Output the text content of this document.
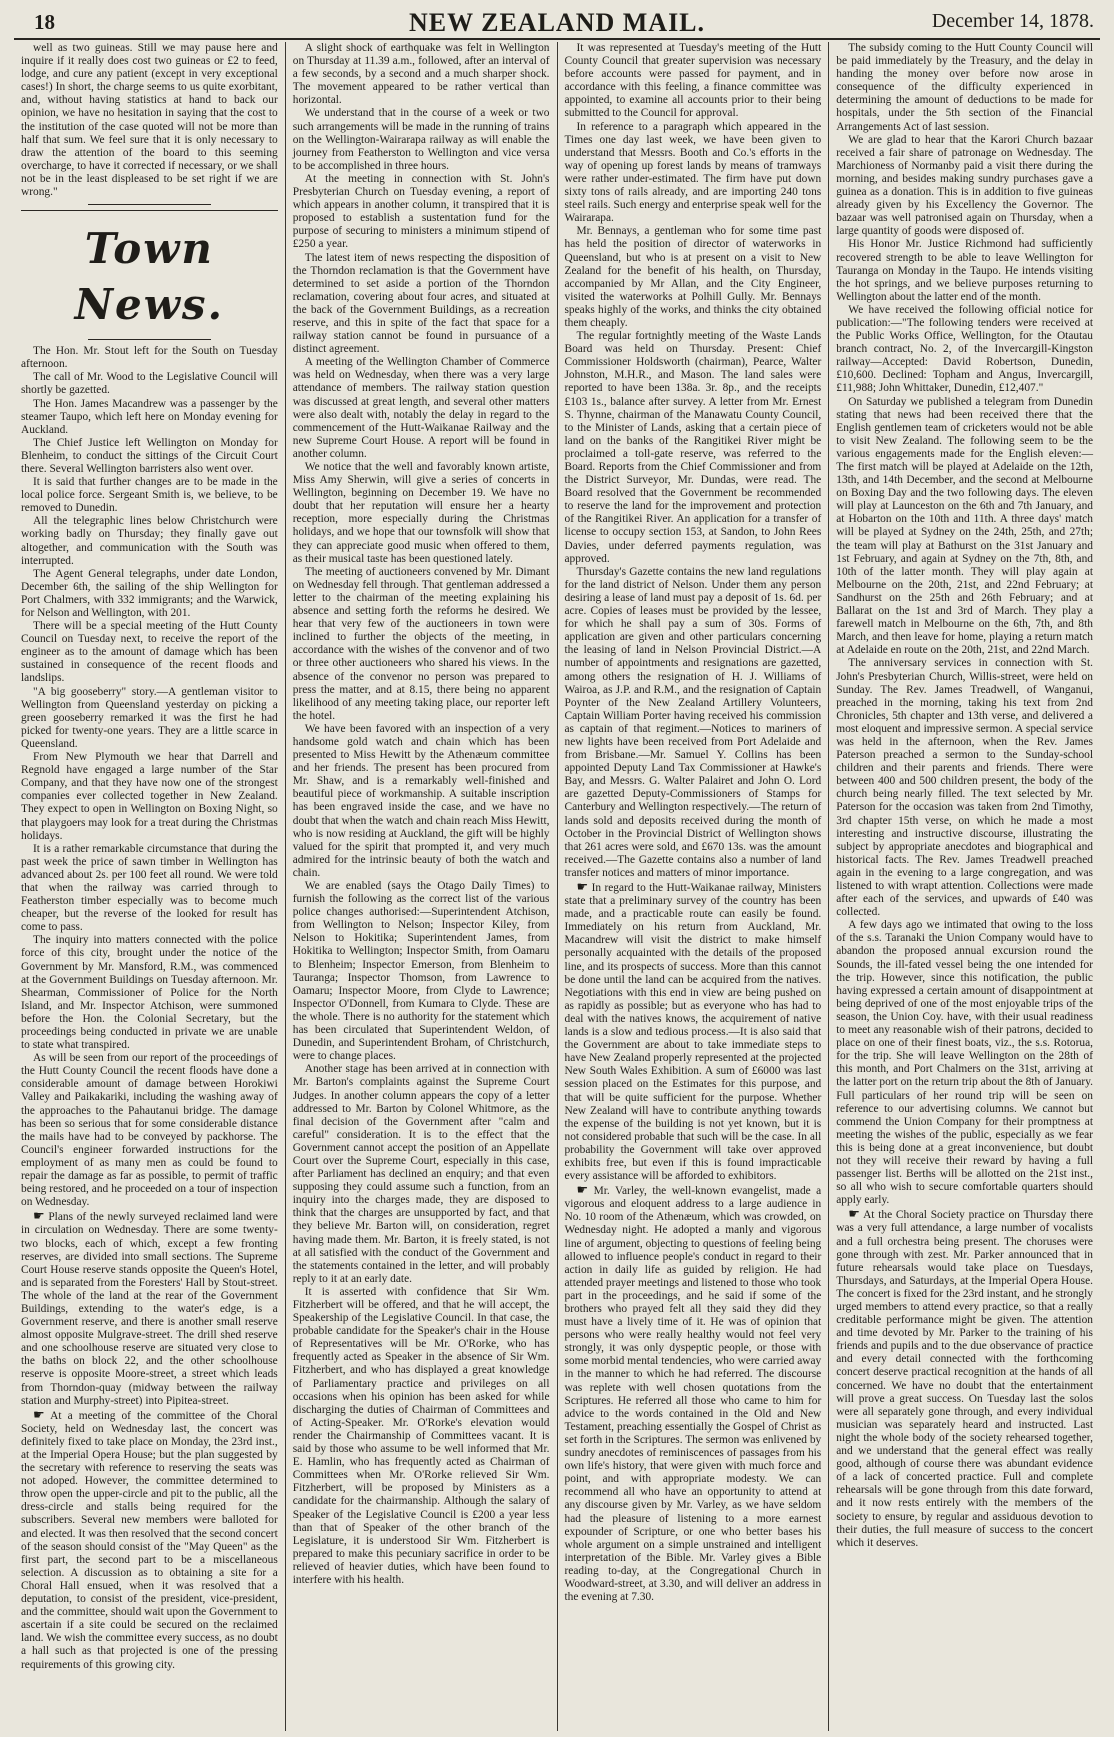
18	NEW ZEALAND MAIL.	December 14, 1878.

well as two guineas. Still we may pause here and inquire if it really does cost two guineas or £2 to feed, lodge, and cure any patient (except in very exceptional cases!) In short, the charge seems to us quite exorbitant, and, without having statistics at hand to back our opinion, we have no hesitation in saying that the cost to the institution of the case quoted will not be more than half that sum. We feel sure that it is only necessary to draw the attention of the board to this seeming overcharge, to have it corrected if necessary, or we shall not be in the least displeased to be set right if we are wrong."

Town News.

The Hon. Mr. Stout left for the South on Tuesday afternoon.

The call of Mr. Wood to the Legislative Council will shortly be gazetted.

The Hon. James Macandrew was a passenger by the steamer Taupo, which left here on Monday evening for Auckland.

The Chief Justice left Wellington on Monday for Blenheim, to conduct the sittings of the Circuit Court there. Several Wellington barristers also went over.

It is said that further changes are to be made in the local police force. Sergeant Smith is, we believe, to be removed to Dunedin.

All the telegraphic lines below Christchurch were working badly on Thursday; they finally gave out altogether, and communication with the South was interrupted.

The Agent General telegraphs, under date London, December 6th, the sailing of the ship Wellington for Port Chalmers, with 332 immigrants; and the Warwick, for Nelson and Wellington, with 201.

There will be a special meeting of the Hutt County Council on Tuesday next, to receive the report of the engineer as to the amount of damage which has been sustained in consequence of the recent floods and landslips.

"A big gooseberry" story.—A gentleman visitor to Wellington from Queensland yesterday on picking a green gooseberry remarked it was the first he had picked for twenty-one years. They are a little scarce in Queensland.

From New Plymouth we hear that Darrell and Regnold have engaged a large number of the Star Company, and that they have now one of the strongest companies ever collected together in New Zealand. They expect to open in Wellington on Boxing Night, so that playgoers may look for a treat during the Christmas holidays.

It is a rather remarkable circumstance that during the past week the price of sawn timber in Wellington has advanced about 2s. per 100 feet all round. We were told that when the railway was carried through to Featherston timber especially was to become much cheaper, but the reverse of the looked for result has come to pass.

The inquiry into matters connected with the police force of this city, brought under the notice of the Government by Mr. Mansford, R.M., was commenced at the Government Buildings on Tuesday afternoon. Mr. Shearman, Commissioner of Police for the North Island, and Mr. Inspector Atchison, were summoned before the Hon. the Colonial Secretary, but the proceedings being conducted in private we are unable to state what transpired.

As will be seen from our report of the proceedings of the Hutt County Council the recent floods have done a considerable amount of damage between Horokiwi Valley and Paikakariki, including the washing away of the approaches to the Pahautanui bridge. The damage has been so serious that for some considerable distance the mails have had to be conveyed by packhorse. The Council's engineer forwarded instructions for the employment of as many men as could be found to repair the damage as far as possible, to permit of traffic being restored, and he proceeded on a tour of inspection on Wednesday.

☛ Plans of the newly surveyed reclaimed land were in circulation on Wednesday. There are some twenty-two blocks, each of which, except a few fronting reserves, are divided into small sections. The Supreme Court House reserve stands opposite the Queen's Hotel, and is separated from the Foresters' Hall by Stout-street. The whole of the land at the rear of the Government Buildings, extending to the water's edge, is a Government reserve, and there is another small reserve almost opposite Mulgrave-street. The drill shed reserve and one schoolhouse reserve are situated very close to the baths on block 22, and the other schoolhouse reserve is opposite Moore-street, a street which leads from Thorndon-quay (midway between the railway station and Murphy-street) into Pipitea-street.

☛ At a meeting of the committee of the Choral Society, held on Wednesday last, the concert was definitely fixed to take place on Monday, the 23rd inst., at the Imperial Opera House; but the plan suggested by the secretary with reference to reserving the seats was not adoped. However, the committee determined to throw open the upper-circle and pit to the public, all the dress-circle and stalls being required for the subscribers. Several new members were balloted for and elected. It was then resolved that the second concert of the season should consist of the "May Queen" as the first part, the second part to be a miscellaneous selection. A discussion as to obtaining a site for a Choral Hall ensued, when it was resolved that a deputation, to consist of the president, vice-president, and the committee, should wait upon the Government to ascertain if a site could be secured on the reclaimed land. We wish the committee every success, as no doubt a hall such as that projected is one of the pressing requirements of this growing city.

A slight shock of earthquake was felt in Wellington on Thursday at 11.39 a.m., followed, after an interval of a few seconds, by a second and a much sharper shock. The movement appeared to be rather vertical than horizontal.

We understand that in the course of a week or two such arrangements will be made in the running of trains on the Wellington-Wairarapa railway as will enable the journey from Featherston to Wellington and vice versa to be accomplished in three hours.

At the meeting in connection with St. John's Presbyterian Church on Tuesday evening, a report of which appears in another column, it transpired that it is proposed to establish a sustentation fund for the purpose of securing to ministers a minimum stipend of £250 a year.

The latest item of news respecting the disposition of the Thorndon reclamation is that the Government have determined to set aside a portion of the Thorndon reclamation, covering about four acres, and situated at the back of the Government Buildings, as a recreation reserve, and this in spite of the fact that space for a railway station cannot be found in pursuance of a distinct agreement.

A meeting of the Wellington Chamber of Commerce was held on Wednesday, when there was a very large attendance of members. The railway station question was discussed at great length, and several other matters were also dealt with, notably the delay in regard to the commencement of the Hutt-Waikanae Railway and the new Supreme Court House. A report will be found in another column.

We notice that the well and favorably known artiste, Miss Amy Sherwin, will give a series of concerts in Wellington, beginning on December 19. We have no doubt that her reputation will ensure her a hearty reception, more especially during the Christmas holidays, and we hope that our townsfolk will show that they can appreciate good music when offered to them, as their musical taste has been questioned lately.

The meeting of auctioneers convened by Mr. Dimant on Wednesday fell through. That gentleman addressed a letter to the chairman of the meeting explaining his absence and setting forth the reforms he desired. We hear that very few of the auctioneers in town were inclined to further the objects of the meeting, in accordance with the wishes of the convenor and of two or three other auctioneers who shared his views. In the absence of the convenor no person was prepared to press the matter, and at 8.15, there being no apparent likelihood of any meeting taking place, our reporter left the hotel.

We have been favored with an inspection of a very handsome gold watch and chain which has been presented to Miss Hewitt by the Athenæum committee and her friends. The present has been procured from Mr. Shaw, and is a remarkably well-finished and beautiful piece of workmanship. A suitable inscription has been engraved inside the case, and we have no doubt that when the watch and chain reach Miss Hewitt, who is now residing at Auckland, the gift will be highly valued for the spirit that prompted it, and very much admired for the intrinsic beauty of both the watch and chain.

We are enabled (says the Otago Daily Times) to furnish the following as the correct list of the various police changes authorised:—Superintendent Atchison, from Wellington to Nelson; Inspector Kiley, from Nelson to Hokitika; Superintendent James, from Hokitika to Wellington; Inspector Smith, from Oamaru to Blenheim; Inspector Emerson, from Blenheim to Tauranga; Inspector Thomson, from Lawrence to Oamaru; Inspector Moore, from Clyde to Lawrence; Inspector O'Donnell, from Kumara to Clyde. These are the whole. There is no authority for the statement which has been circulated that Superintendent Weldon, of Dunedin, and Superintendent Broham, of Christchurch, were to change places.

Another stage has been arrived at in connection with Mr. Barton's complaints against the Supreme Court Judges. In another column appears the copy of a letter addressed to Mr. Barton by Colonel Whitmore, as the final decision of the Government after "calm and careful" consideration. It is to the effect that the Government cannot accept the position of an Appellate Court over the Supreme Court, especially in this case, after Parliament has declined an enquiry; and that even supposing they could assume such a function, from an inquiry into the charges made, they are disposed to think that the charges are unsupported by fact, and that they believe Mr. Barton will, on consideration, regret having made them. Mr. Barton, it is freely stated, is not at all satisfied with the conduct of the Government and the statements contained in the letter, and will probably reply to it at an early date.

It is asserted with confidence that Sir Wm. Fitzherbert will be offered, and that he will accept, the Speakership of the Legislative Council. In that case, the probable candidate for the Speaker's chair in the House of Representatives will be Mr. O'Rorke, who has frequently acted as Speaker in the absence of Sir Wm. Fitzherbert, and who has displayed a great knowledge of Parliamentary practice and privileges on all occasions when his opinion has been asked for while discharging the duties of Chairman of Committees and of Acting-Speaker. Mr. O'Rorke's elevation would render the Chairmanship of Committees vacant. It is said by those who assume to be well informed that Mr. E. Hamlin, who has frequently acted as Chairman of Committees when Mr. O'Rorke relieved Sir Wm. Fitzherbert, will be proposed by Ministers as a candidate for the chairmanship. Although the salary of Speaker of the Legislative Council is £200 a year less than that of Speaker of the other branch of the Legislature, it is understood Sir Wm. Fitzherbert is prepared to make this pecuniary sacrifice in order to be relieved of heavier duties, which have been found to interfere with his health.

It was represented at Tuesday's meeting of the Hutt County Council that greater supervision was necessary before accounts were passed for payment, and in accordance with this feeling, a finance committee was appointed, to examine all accounts prior to their being submitted to the Council for approval.

In reference to a paragraph which appeared in the Times one day last week, we have been given to understand that Messrs. Booth and Co.'s efforts in the way of opening up forest lands by means of tramways were rather under-estimated. The firm have put down sixty tons of rails already, and are importing 240 tons steel rails. Such energy and enterprise speak well for the Wairarapa.

Mr. Bennays, a gentleman who for some time past has held the position of director of waterworks in Queensland, but who is at present on a visit to New Zealand for the benefit of his health, on Thursday, accompanied by Mr Allan, and the City Engineer, visited the waterworks at Polhill Gully. Mr. Bennays speaks highly of the works, and thinks the city obtained them cheaply.

The regular fortnightly meeting of the Waste Lands Board was held on Thursday. Present: Chief Commissioner Holdsworth (chairman), Pearce, Walter Johnston, M.H.R., and Mason. The land sales were reported to have been 138a. 3r. 8p., and the receipts £103 1s., balance after survey. A letter from Mr. Ernest S. Thynne, chairman of the Manawatu County Council, to the Minister of Lands, asking that a certain piece of land on the banks of the Rangitikei River might be proclaimed a toll-gate reserve, was referred to the Board. Reports from the Chief Commissioner and from the District Surveyor, Mr. Dundas, were read. The Board resolved that the Government be recommended to reserve the land for the improvement and protection of the Rangitikei River. An application for a transfer of license to occupy section 153, at Sandon, to John Rees Davies, under deferred payments regulation, was approved.

Thursday's Gazette contains the new land regulations for the land district of Nelson. Under them any person desiring a lease of land must pay a deposit of 1s. 6d. per acre. Copies of leases must be provided by the lessee, for which he shall pay a sum of 30s. Forms of application are given and other particulars concerning the leasing of land in Nelson Provincial District.—A number of appointments and resignations are gazetted, among others the resignation of H. J. Williams of Wairoa, as J.P. and R.M., and the resignation of Captain Poynter of the New Zealand Artillery Volunteers, Captain William Porter having received his commission as captain of that regiment.—Notices to mariners of new lights have been received from Port Adelaide and from Brisbane.—Mr. Samuel Y. Collins has been appointed Deputy Land Tax Commissioner at Hawke's Bay, and Messrs. G. Walter Palairet and John O. Lord are gazetted Deputy-Commissioners of Stamps for Canterbury and Wellington respectively.—The return of lands sold and deposits received during the month of October in the Provincial District of Wellington shows that 261 acres were sold, and £670 13s. was the amount received.—The Gazette contains also a number of land transfer notices and matters of minor importance.

☛ In regard to the Hutt-Waikanae railway, Ministers state that a preliminary survey of the country has been made, and a practicable route can easily be found. Immediately on his return from Auckland, Mr. Macandrew will visit the district to make himself personally acquainted with the details of the proposed line, and its prospects of success. More than this cannot be done until the land can be acquired from the natives. Negotiations with this end in view are being pushed on as rapidly as possible; but as everyone who has had to deal with the natives knows, the acquirement of native lands is a slow and tedious process.—It is also said that the Government are about to take immediate steps to have New Zealand properly represented at the projected New South Wales Exhibition. A sum of £6000 was last session placed on the Estimates for this purpose, and that will be quite sufficient for the purpose. Whether New Zealand will have to contribute anything towards the expense of the building is not yet known, but it is not considered probable that such will be the case. In all probability the Government will take over approved exhibits free, but even if this is found impracticable every assistance will be afforded to exhibitors.

☛ Mr. Varley, the well-known evangelist, made a vigorous and eloquent address to a large audience in No. 10 room of the Athenæum, which was crowded, on Wednesday night. He adopted a manly and vigorous line of argument, objecting to questions of feeling being allowed to influence people's conduct in regard to their action in daily life as guided by religion. He had attended prayer meetings and listened to those who took part in the proceedings, and he said if some of the brothers who prayed felt all they said they did they must have a lively time of it. He was of opinion that persons who were really healthy would not feel very strongly, it was only dyspeptic people, or those with some morbid mental tendencies, who were carried away in the manner to which he had referred. The discourse was replete with well chosen quotations from the Scriptures. He referred all those who came to him for advice to the words contained in the Old and New Testament, preaching essentially the Gospel of Christ as set forth in the Scriptures. The sermon was enlivened by sundry anecdotes of reminiscences of passages from his own life's history, that were given with much force and point, and with appropriate modesty. We can recommend all who have an opportunity to attend at any discourse given by Mr. Varley, as we have seldom had the pleasure of listening to a more earnest expounder of Scripture, or one who better bases his whole argument on a simple unstrained and intelligent interpretation of the Bible. Mr. Varley gives a Bible reading to-day, at the Congregational Church in Woodward-street, at 3.30, and will deliver an address in the evening at 7.30.

The subsidy coming to the Hutt County Council will be paid immediately by the Treasury, and the delay in handing the money over before now arose in consequence of the difficulty experienced in determining the amount of deductions to be made for hospitals, under the 5th section of the Financial Arrangements Act of last session.

We are glad to hear that the Karori Church bazaar received a fair share of patronage on Wednesday. The Marchioness of Normanby paid a visit there during the morning, and besides making sundry purchases gave a guinea as a donation. This is in addition to five guineas already given by his Excellency the Governor. The bazaar was well patronised again on Thursday, when a large quantity of goods were disposed of.

His Honor Mr. Justice Richmond had sufficiently recovered strength to be able to leave Wellington for Tauranga on Monday in the Taupo. He intends visiting the hot springs, and we believe purposes returning to Wellington about the latter end of the month.

We have received the following official notice for publication:—"The following tenders were received at the Public Works Office, Wellington, for the Otautau branch contract, No. 2, of the Invercargill-Kingston railway—Accepted: David Robertson, Dunedin, £10,600. Declined: Topham and Angus, Invercargill, £11,988; John Whittaker, Dunedin, £12,407."

On Saturday we published a telegram from Dunedin stating that news had been received there that the English gentlemen team of cricketers would not be able to visit New Zealand. The following seem to be the various engagements made for the English eleven:—The first match will be played at Adelaide on the 12th, 13th, and 14th December, and the second at Melbourne on Boxing Day and the two following days. The eleven will play at Launceston on the 6th and 7th January, and at Hobarton on the 10th and 11th. A three days' match will be played at Sydney on the 24th, 25th, and 27th; the team will play at Bathurst on the 31st January and 1st February, and again at Sydney on the 7th, 8th, and 10th of the latter month. They will play again at Melbourne on the 20th, 21st, and 22nd February; at Sandhurst on the 25th and 26th February; and at Ballarat on the 1st and 3rd of March. They play a farewell match in Melbourne on the 6th, 7th, and 8th March, and then leave for home, playing a return match at Adelaide en route on the 20th, 21st, and 22nd March.

The anniversary services in connection with St. John's Presbyterian Church, Willis-street, were held on Sunday. The Rev. James Treadwell, of Wanganui, preached in the morning, taking his text from 2nd Chronicles, 5th chapter and 13th verse, and delivered a most eloquent and impressive sermon. A special service was held in the afternoon, when the Rev. James Paterson preached a sermon to the Sunday-school children and their parents and friends. There were between 400 and 500 children present, the body of the church being nearly filled. The text selected by Mr. Paterson for the occasion was taken from 2nd Timothy, 3rd chapter 15th verse, on which he made a most interesting and instructive discourse, illustrating the subject by appropriate anecdotes and biographical and historical facts. The Rev. James Treadwell preached again in the evening to a large congregation, and was listened to with wrapt attention. Collections were made after each of the services, and upwards of £40 was collected.

A few days ago we intimated that owing to the loss of the s.s. Taranaki the Union Company would have to abandon the proposed annual excursion round the Sounds, the ill-fated vessel being the one intended for the trip. However, since this notification, the public having expressed a certain amount of disappointment at being deprived of one of the most enjoyable trips of the season, the Union Coy. have, with their usual readiness to meet any reasonable wish of their patrons, decided to place on one of their finest boats, viz., the s.s. Rotorua, for the trip. She will leave Wellington on the 28th of this month, and Port Chalmers on the 31st, arriving at the latter port on the return trip about the 8th of January. Full particulars of her round trip will be seen on reference to our advertising columns. We cannot but commend the Union Company for their promptness at meeting the wishes of the public, especially as we fear this is being done at a great inconvenience, but doubt not they will receive their reward by having a full passenger list. Berths will be allotted on the 21st inst., so all who wish to secure comfortable quarters should apply early.

☛ At the Choral Society practice on Thursday there was a very full attendance, a large number of vocalists and a full orchestra being present. The choruses were gone through with zest. Mr. Parker announced that in future rehearsals would take place on Tuesdays, Thursdays, and Saturdays, at the Imperial Opera House. The concert is fixed for the 23rd instant, and he strongly urged members to attend every practice, so that a really creditable performance might be given. The attention and time devoted by Mr. Parker to the training of his friends and pupils and to the due observance of practice and every detail connected with the forthcoming concert deserve practical recognition at the hands of all concerned. We have no doubt that the entertainment will prove a great success. On Tuesday last the solos were all separately gone through, and every individual musician was separately heard and instructed. Last night the whole body of the society rehearsed together, and we understand that the general effect was really good, although of course there was abundant evidence of a lack of concerted practice. Full and complete rehearsals will be gone through from this date forward, and it now rests entirely with the members of the society to ensure, by regular and assiduous devotion to their duties, the full measure of success to the concert which it deserves.
